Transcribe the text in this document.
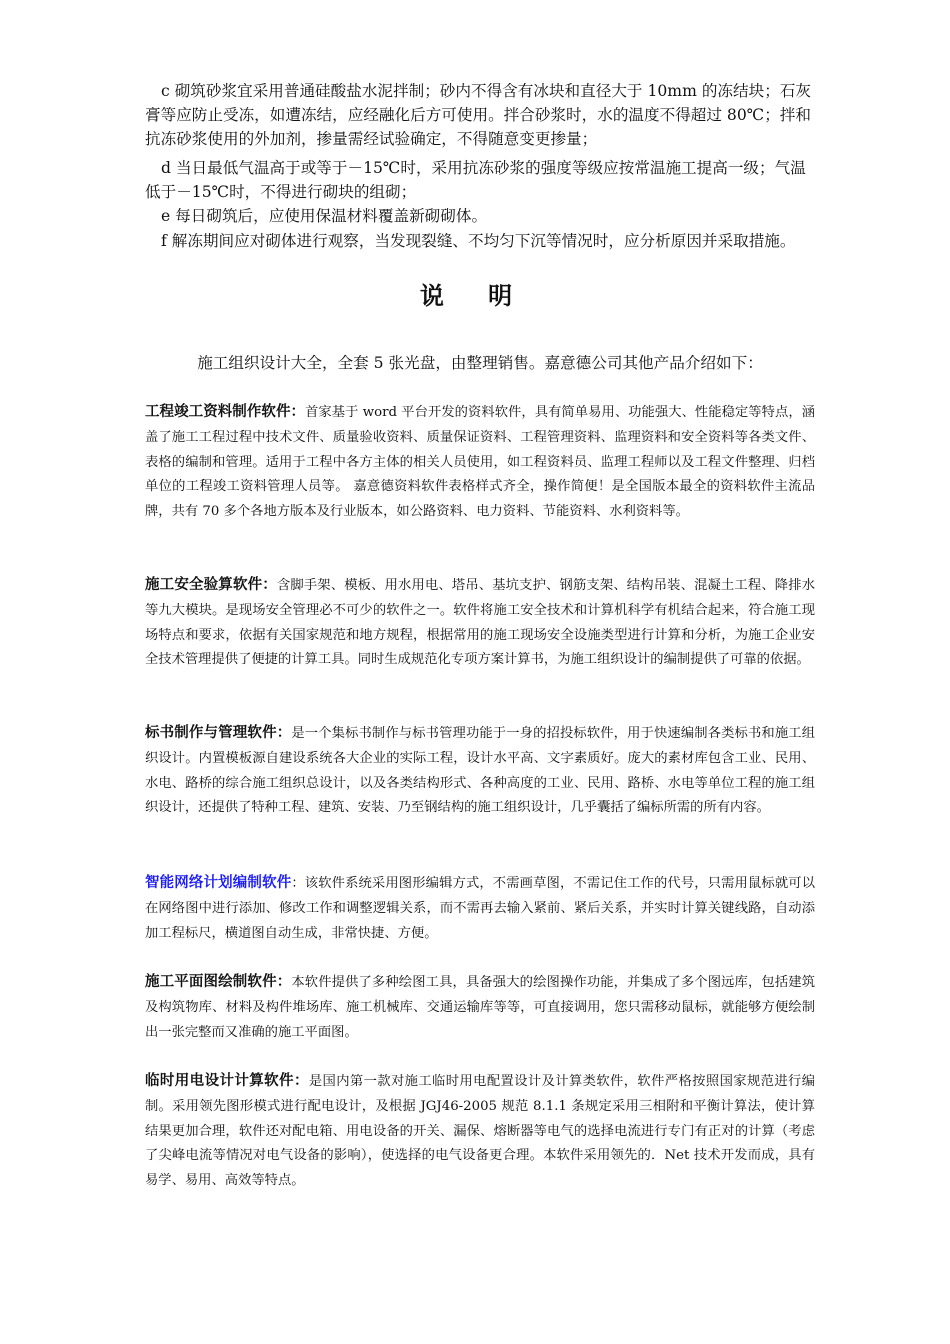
c 砌筑砂浆宜采用普通硅酸盐水泥拌制；砂内不得含有冰块和直径大于 10mm 的冻结块；石灰膏等应防止受冻，如遭冻结，应经融化后方可使用。拌合砂浆时，水的温度不得超过 80℃；拌和抗冻砂浆使用的外加剂，掺量需经试验确定，不得随意变更掺量；

d 当日最低气温高于或等于－15℃时，采用抗冻砂浆的强度等级应按常温施工提高一级；气温低于－15℃时，不得进行砌块的组砌；

e 每日砌筑后，应使用保温材料覆盖新砌砌体。

f 解冻期间应对砌体进行观察，当发现裂缝、不均匀下沉等情况时，应分析原因并采取措施。

说 明

施工组织设计大全，全套 5 张光盘，由整理销售。嘉意德公司其他产品介绍如下：

工程竣工资料制作软件：首家基于 word 平台开发的资料软件，具有简单易用、功能强大、性能稳定等特点，涵盖了施工工程过程中技术文件、质量验收资料、质量保证资料、工程管理资料、监理资料和安全资料等各类文件、表格的编制和管理。适用于工程中各方主体的相关人员使用，如工程资料员、监理工程师以及工程文件整理、归档单位的工程竣工资料管理人员等。 嘉意德资料软件表格样式齐全，操作简便！是全国版本最全的资料软件主流品牌，共有 70 多个各地方版本及行业版本，如公路资料、电力资料、节能资料、水利资料等。

施工安全验算软件：含脚手架、模板、用水用电、塔吊、基坑支护、钢筋支架、结构吊装、混凝土工程、降排水等九大模块。是现场安全管理必不可少的软件之一。软件将施工安全技术和计算机科学有机结合起来，符合施工现场特点和要求，依据有关国家规范和地方规程，根据常用的施工现场安全设施类型进行计算和分析，为施工企业安全技术管理提供了便捷的计算工具。同时生成规范化专项方案计算书，为施工组织设计的编制提供了可靠的依据。

标书制作与管理软件：是一个集标书制作与标书管理功能于一身的招投标软件，用于快速编制各类标书和施工组织设计。内置模板源自建设系统各大企业的实际工程，设计水平高、文字素质好。庞大的素材库包含工业、民用、水电、路桥的综合施工组织总设计，以及各类结构形式、各种高度的工业、民用、路桥、水电等单位工程的施工组织设计，还提供了特种工程、建筑、安装、乃至钢结构的施工组织设计，几乎囊括了编标所需的所有内容。

智能网络计划编制软件：该软件系统采用图形编辑方式，不需画草图，不需记住工作的代号，只需用鼠标就可以在网络图中进行添加、修改工作和调整逻辑关系，而不需再去输入紧前、紧后关系，并实时计算关键线路，自动添加工程标尺，横道图自动生成，非常快捷、方便。

施工平面图绘制软件：本软件提供了多种绘图工具，具备强大的绘图操作功能，并集成了多个图远库，包括建筑及构筑物库、材料及构件堆场库、施工机械库、交通运输库等等，可直接调用，您只需移动鼠标，就能够方便绘制出一张完整而又准确的施工平面图。

临时用电设计计算软件：是国内第一款对施工临时用电配置设计及计算类软件，软件严格按照国家规范进行编制。采用领先图形模式进行配电设计，及根据 JGJ46-2005 规范 8.1.1 条规定采用三相附和平衡计算法，使计算结果更加合理，软件还对配电箱、用电设备的开关、漏保、熔断器等电气的选择电流进行专门有正对的计算（考虑了尖峰电流等情况对电气设备的影响），使选择的电气设备更合理。本软件采用领先的．Net 技术开发而成，具有易学、易用、高效等特点。
